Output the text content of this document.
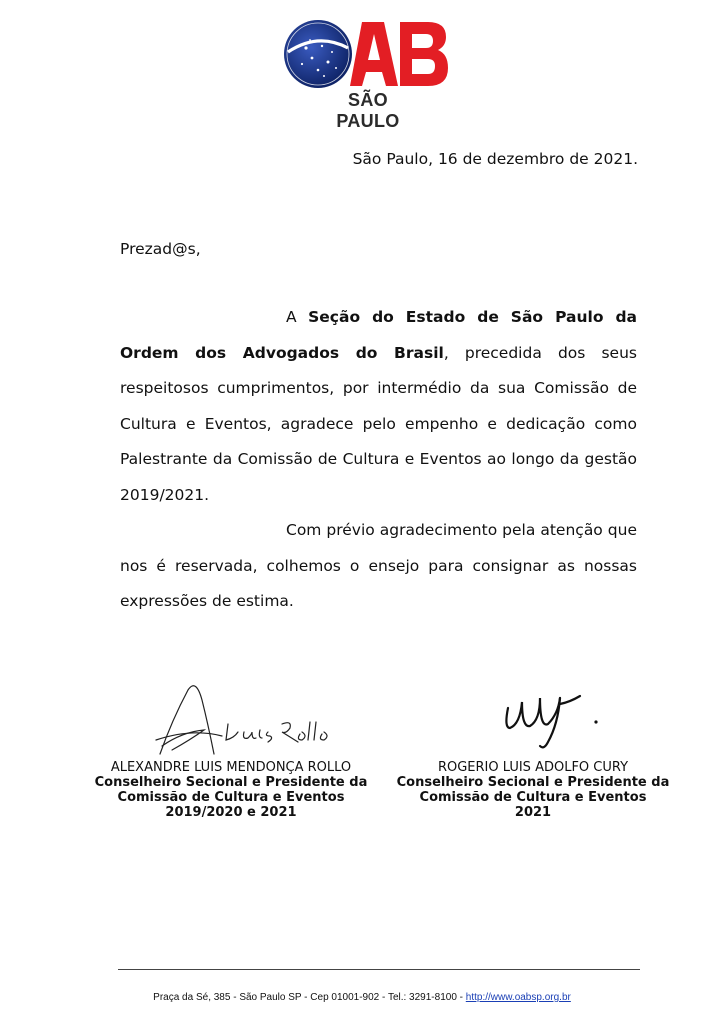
SÃO PAULO
São Paulo, 16 de dezembro de 2021.
Prezad@s,

A Seção do Estado de São Paulo da Ordem dos Advogados do Brasil, precedida dos seus respeitosos cumprimentos, por intermédio da sua Comissão de Cultura e Eventos, agradece pelo empenho e dedicação como Palestrante da Comissão de Cultura e Eventos ao longo da gestão 2019/2021.

Com prévio agradecimento pela atenção que nos é reservada, colhemos o ensejo para consignar as nossas expressões de estima.

ALEXANDRE LUIS MENDONÇA ROLLO
Conselheiro Secional e Presidente da
Comissão de Cultura e Eventos
2019/2020 e 2021
ROGERIO LUIS ADOLFO CURY
Conselheiro Secional e Presidente da
Comissão de Cultura e Eventos
2021
Praça da Sé, 385 - São Paulo SP - Cep 01001-902 - Tel.: 3291-8100 - http://www.oabsp.org.br
